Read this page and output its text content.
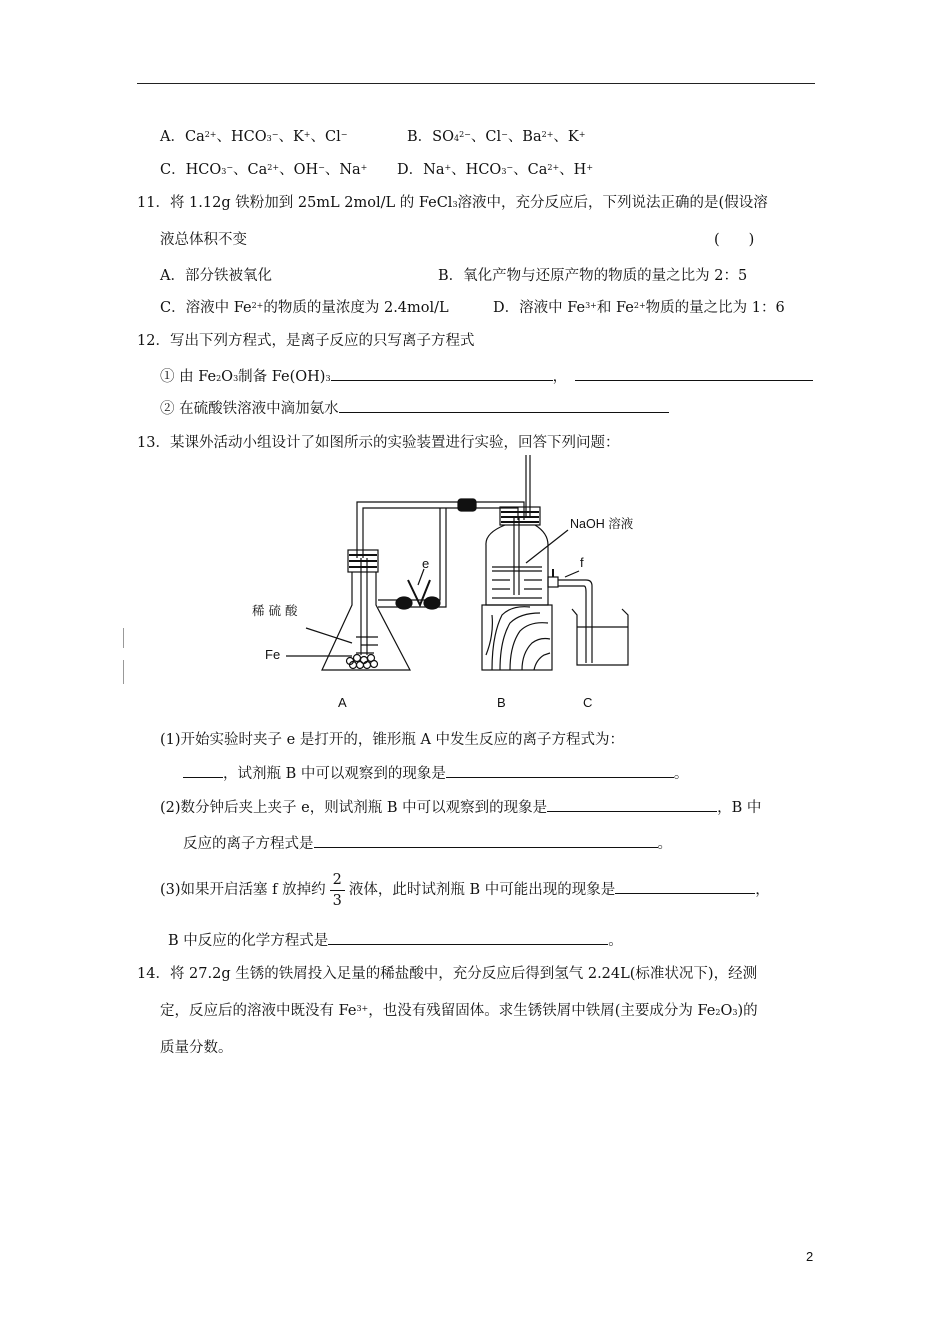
A．$Ca^{2+}$、$HCO_3^-$、K+、Cl−	B．$SO_4^{2-}$、Cl−、$Ba^{2+}$、K+
C．$HCO_3^-$、$Ca^{2+}$、OH−、Na+ D．Na+、$HCO_3^-$、$Ca^{2+}$、H+
11．将 1.12g 铁粉加到 25mL 2mol/L 的 FeCl$_3$溶液中，充分反应后，下列说法正确的是(假设溶
液总体积不变	(　　)
A．部分铁被氧化	B．氧化产物与还原产物的物质的量之比为 2：5
C．溶液中 $Fe^{2+}$的物质的量浓度为 2.4mol/L	D．溶液中 $Fe^{3+}$和 $Fe^{2+}$物质的量之比为 1：6
12．写出下列方程式，是离子反应的只写离子方程式
① 由 $Fe_2O_3$制备 $Fe(OH)_3$	，
② 在硫酸铁溶液中滴加氨水
13．某课外活动小组设计了如图所示的实验装置进行实验，回答下列问题：
NaOH 溶液
f
e
稀 硫 酸
Fe
A	B	C
(1)开始实验时夹子 e 是打开的，锥形瓶 A 中发生反应的离子方程式为：
，试剂瓶 B 中可以观察到的现象是	。
(2)数分钟后夹上夹子 e，则试剂瓶 B 中可以观察到的现象是	，B 中
反应的离子方程式是	。
(3)如果开启活塞 f 放掉约 $\frac{2}{3}$ 液体，此时试剂瓶 B 中可能出现的现象是	，
B 中反应的化学方程式是	。
14．将 27.2g 生锈的铁屑投入足量的稀盐酸中，充分反应后得到氢气 2.24L(标准状况下)，经测
定，反应后的溶液中既没有 $Fe^{3+}$，也没有残留固体。求生锈铁屑中铁屑(主要成分为 $Fe_2O_3$)的
质量分数。
2
